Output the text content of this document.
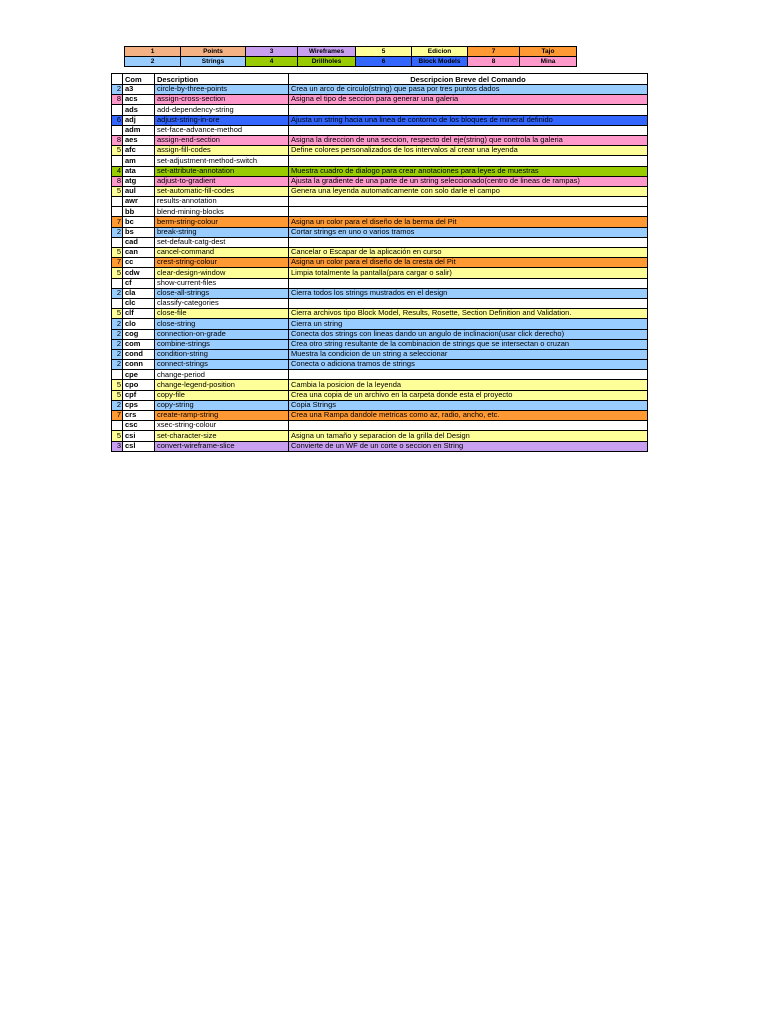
1	Points	3	Wireframes	5	Edicion	7	Tajo
2	Strings	4	Drillholes	6	Block Models	8	Mina
	Com	Description	Descripcion Breve del Comando
2	a3	circle-by-three-points	Crea un arco de circulo(string) que pasa por tres puntos dados
8	acs	assign-cross-section	Asigna el tipo de seccion para generar una galeria
	ads	add-dependency-string	
6	adj	adjust-string-in-ore	Ajusta un string hacia una linea de contorno de los bloques de mineral definido
	adm	set-face-advance-method	
8	aes	assign-end-section	Asigna la direccion de una seccion, respecto del eje(string) que controla la galeria
5	afc	assign-fill-codes	Define colores personalizados de los intervalos al crear una leyenda
	am	set-adjustment-method-switch	
4	ata	set-attribute-annotation	Muestra cuadro de dialogo para crear anotaciones para leyes de muestras
8	atg	adjust-to-gradient	Ajusta la gradiente de una parte de un string seleccionado(centro de lineas de rampas)
5	aul	set-automatic-fill-codes	Genera una leyenda automaticamente con solo darle el campo
	awr	results-annotation	
	bb	blend-mining-blocks	
7	bc	berm-string-colour	Asigna un color para el diseño de la berma del Pit
2	bs	break-string	Cortar strings en uno o varios tramos
	cad	set-default-catg-dest	
5	can	cancel-command	Cancelar o Escapar de la aplicación en curso
7	cc	crest-string-colour	Asigna un color para el diseño de la cresta del Pit
5	cdw	clear-design-window	Limpia totalmente la pantalla(para cargar o salir)
	cf	show-current-files	
2	cla	close-all-strings	Cierra todos los strings mustrados en el design
	clc	classify-categories	
5	clf	close-file	Cierra archivos tipo Block Model, Results, Rosette, Section Definition and Validation.
2	clo	close-string	Cierra un string
2	cog	connection-on-grade	Conecta dos strings con lineas dando un angulo de inclinacion(usar click derecho)
2	com	combine-strings	Crea otro string resultante de la combinacion de strings que se intersectan o cruzan
2	cond	condition-string	Muestra la condicion de un string a seleccionar
2	conn	connect-strings	Conecta o adiciona tramos de strings
	cpe	change-period	
5	cpo	change-legend-position	Cambia la posicion de la leyenda
5	cpf	copy-file	Crea una copia de un archivo en la carpeta donde esta el proyecto
2	cps	copy-string	Copia Strings
7	crs	create-ramp-string	Crea una Rampa dandole metricas como az, radio, ancho, etc.
	csc	xsec-string-colour	
5	csi	set-character-size	Asigna un tamaño y separacion de la grilla del Design
3	csl	convert-wireframe-slice	Convierte de un WF de un corte o seccion en String
